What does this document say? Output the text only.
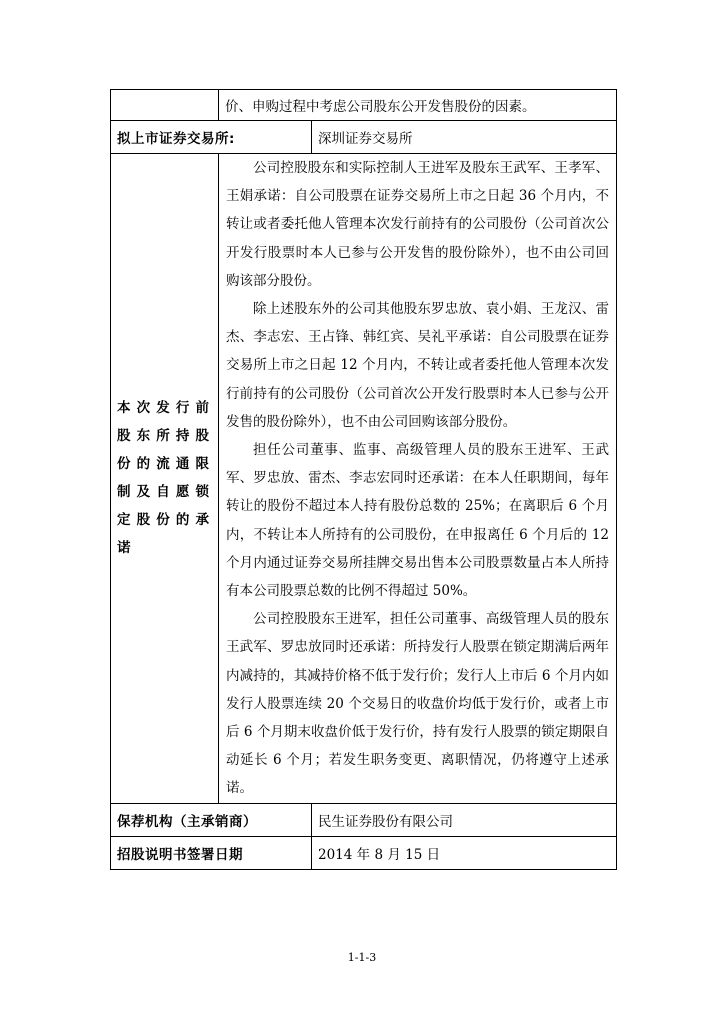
	价、申购过程中考虑公司股东公开发售股份的因素。	
拟上市证券交易所:		深圳证券交易所
本次发行前股东所持股份的流通限制及自愿锁定股份的承诺	公司控股股东和实际控制人王进军及股东王武军、王孝军、王娟承诺：自公司股票在证券交易所上市之日起 36 个月内，不转让或者委托他人管理本次发行前持有的公司股份（公司首次公开发行股票时本人已参与公开发售的股份除外），也不由公司回购该部分股份。

除上述股东外的公司其他股东罗忠放、袁小娟、王龙汉、雷杰、李志宏、王占锋、韩红宾、吴礼平承诺：自公司股票在证券交易所上市之日起 12 个月内，不转让或者委托他人管理本次发行前持有的公司股份（公司首次公开发行股票时本人已参与公开发售的股份除外），也不由公司回购该部分股份。

担任公司董事、监事、高级管理人员的股东王进军、王武军、罗忠放、雷杰、李志宏同时还承诺：在本人任职期间，每年转让的股份不超过本人持有股份总数的 25%；在离职后 6 个月内，不转让本人所持有的公司股份，在申报离任 6 个月后的 12 个月内通过证券交易所挂牌交易出售本公司股票数量占本人所持有本公司股票总数的比例不得超过 50%。

公司控股股东王进军，担任公司董事、高级管理人员的股东王武军、罗忠放同时还承诺：所持发行人股票在锁定期满后两年内减持的，其减持价格不低于发行价；发行人上市后 6 个月内如发行人股票连续 20 个交易日的收盘价均低于发行价，或者上市后 6 个月期末收盘价低于发行价，持有发行人股票的锁定期限自动延长 6 个月；若发生职务变更、离职情况，仍将遵守上述承诺。	

保荐机构（主承销商）		民生证券股份有限公司
招股说明书签署日期		2014 年 8 月 15 日
1-1-3
